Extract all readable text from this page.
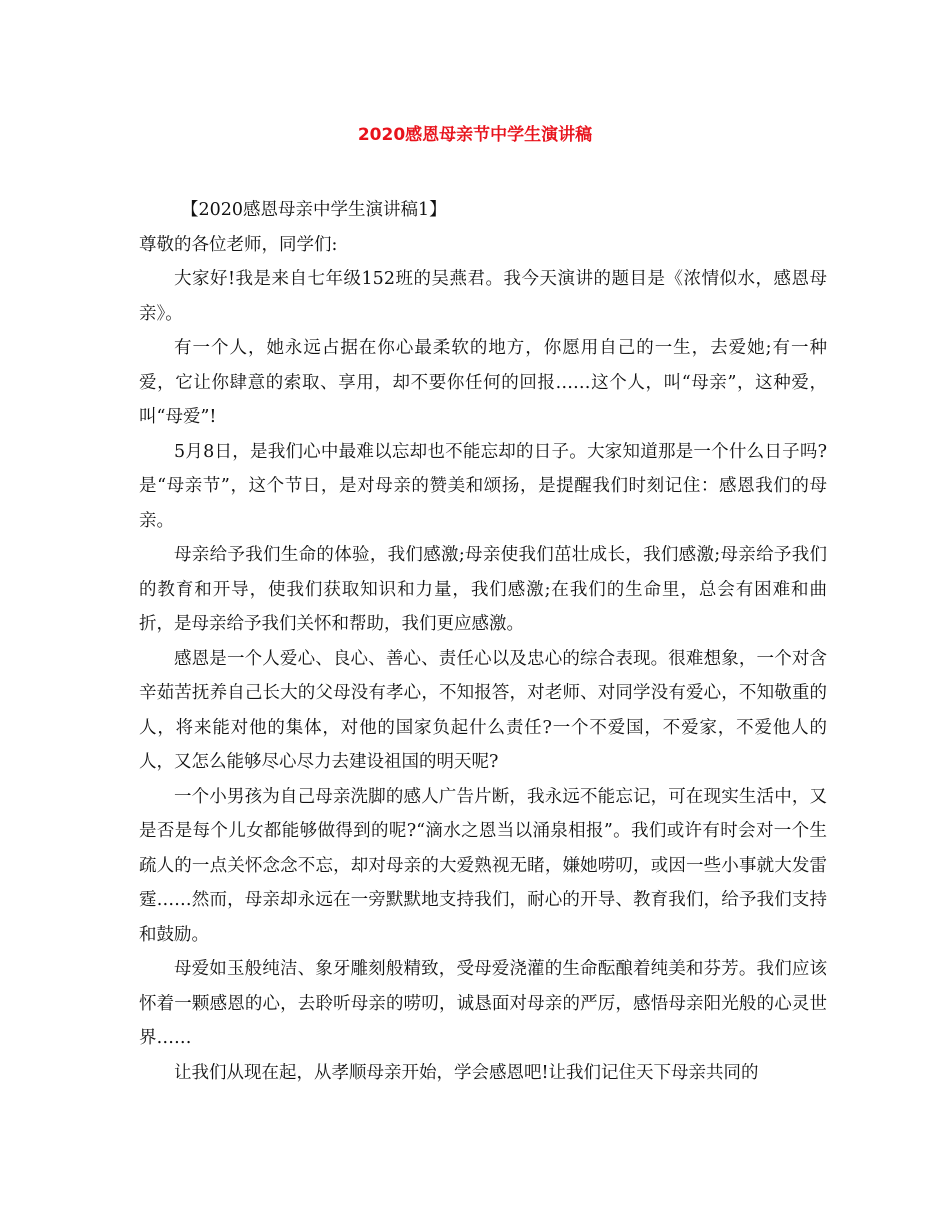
2020感恩母亲节中学生演讲稿

【2020感恩母亲中学生演讲稿1】

尊敬的各位老师，同学们:

大家好!我是来自七年级152班的吴燕君。我今天演讲的题目是《浓情似水，感恩母亲》。

有一个人，她永远占据在你心最柔软的地方，你愿用自己的一生，去爱她;有一种爱，它让你肆意的索取、享用，却不要你任何的回报……这个人，叫“母亲”，这种爱，叫“母爱”!

5月8日，是我们心中最难以忘却也不能忘却的日子。大家知道那是一个什么日子吗?是“母亲节”，这个节日，是对母亲的赞美和颂扬，是提醒我们时刻记住：感恩我们的母亲。

母亲给予我们生命的体验，我们感激;母亲使我们茁壮成长，我们感激;母亲给予我们的教育和开导，使我们获取知识和力量，我们感激;在我们的生命里，总会有困难和曲折，是母亲给予我们关怀和帮助，我们更应感激。

感恩是一个人爱心、良心、善心、责任心以及忠心的综合表现。很难想象，一个对含辛茹苦抚养自己长大的父母没有孝心，不知报答，对老师、对同学没有爱心，不知敬重的人，将来能对他的集体，对他的国家负起什么责任?一个不爱国，不爱家，不爱他人的人，又怎么能够尽心尽力去建设祖国的明天呢?

一个小男孩为自己母亲洗脚的感人广告片断，我永远不能忘记，可在现实生活中，又是否是每个儿女都能够做得到的呢?“滴水之恩当以涌泉相报”。我们或许有时会对一个生疏人的一点关怀念念不忘，却对母亲的大爱熟视无睹，嫌她唠叨，或因一些小事就大发雷霆……然而，母亲却永远在一旁默默地支持我们，耐心的开导、教育我们，给予我们支持和鼓励。

母爱如玉般纯洁、象牙雕刻般精致，受母爱浇灌的生命酝酿着纯美和芬芳。我们应该怀着一颗感恩的心，去聆听母亲的唠叨，诚恳面对母亲的严厉，感悟母亲阳光般的心灵世界……

让我们从现在起，从孝顺母亲开始，学会感恩吧!让我们记住天下母亲共同的
